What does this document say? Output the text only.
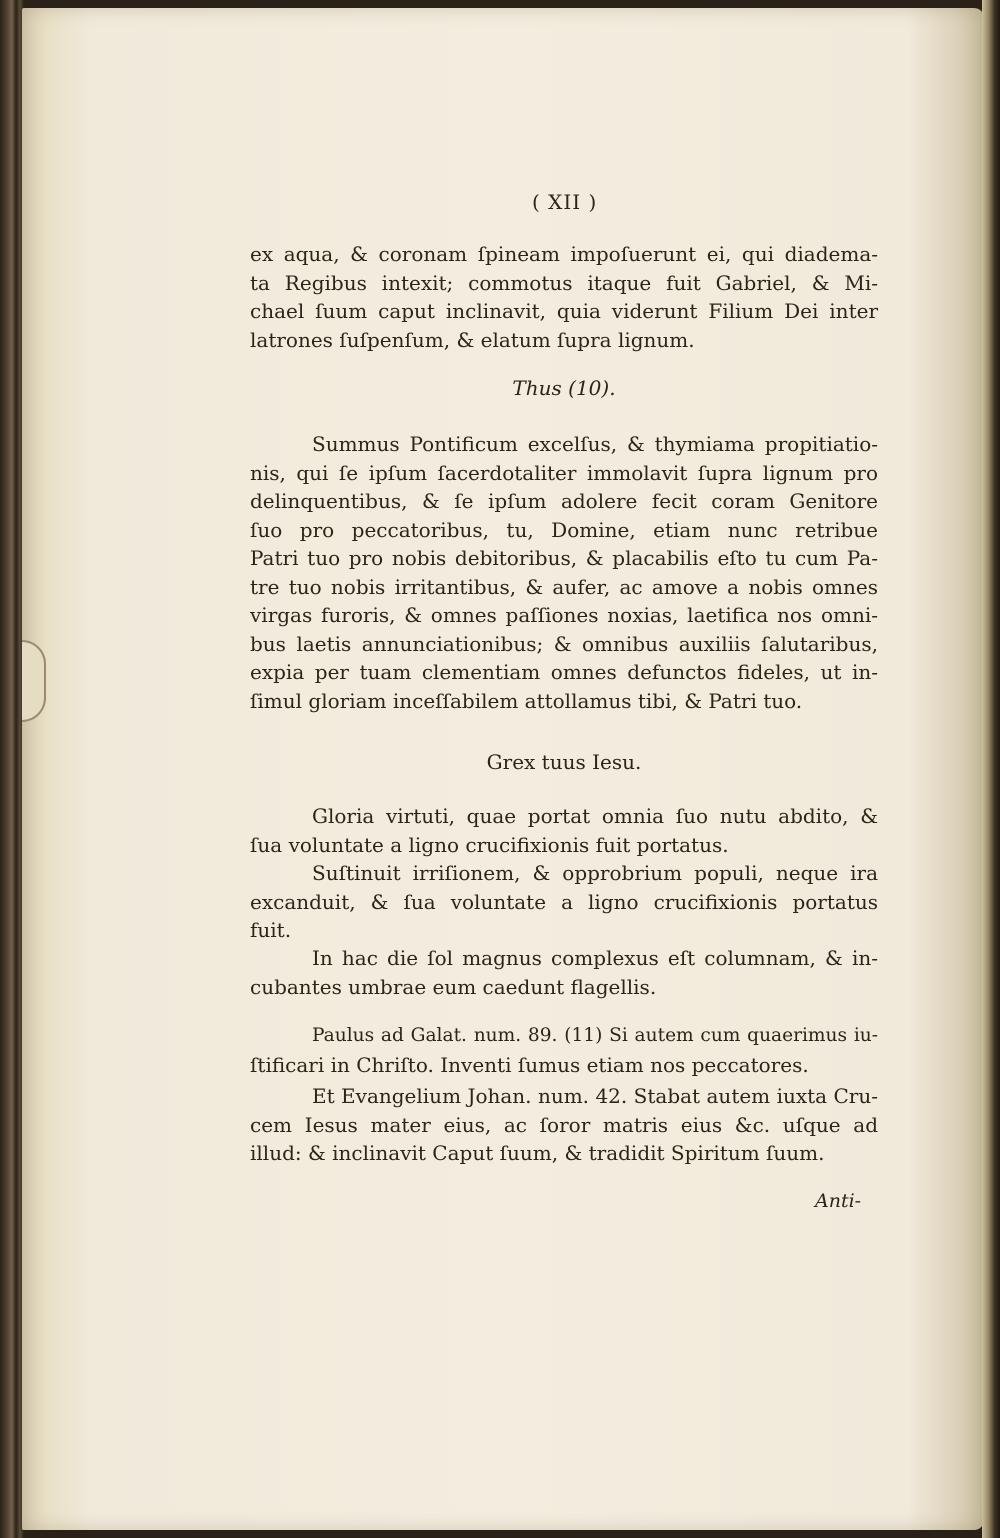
( XII )
ex aqua, & coronam ſpineam impoſuerunt ei, qui diadema-
ta Regibus intexit; commotus itaque fuit Gabriel, & Mi-
chael ſuum caput inclinavit, quia viderunt Filium Dei inter
latrones ſuſpenſum, & elatum ſupra lignum.
Thus (10).
Summus Pontificum excelſus, & thymiama propitiatio-
nis, qui ſe ipſum ſacerdotaliter immolavit ſupra lignum pro
delinquentibus, & ſe ipſum adolere fecit coram Genitore
ſuo pro peccatoribus, tu, Domine, etiam nunc retribue
Patri tuo pro nobis debitoribus, & placabilis eſto tu cum Pa-
tre tuo nobis irritantibus, & aufer, ac amove a nobis omnes
virgas furoris, & omnes paſſiones noxias, laetifica nos omni-
bus laetis annunciationibus; & omnibus auxiliis ſalutaribus,
expia per tuam clementiam omnes defunctos fideles, ut in-
ſimul gloriam inceſſabilem attollamus tibi, & Patri tuo.
Grex tuus Iesu.
Gloria virtuti, quae portat omnia ſuo nutu abdito, &
ſua voluntate a ligno crucifixionis fuit portatus.
Suſtinuit irriſionem, & opprobrium populi, neque ira
excanduit, & ſua voluntate a ligno crucifixionis portatus
fuit.
In hac die ſol magnus complexus eſt columnam, & in-
cubantes umbrae eum caedunt flagellis.
Paulus ad Galat. num. 89. (11) Si autem cum quaerimus iu-
ſtificari in Chriſto. Inventi ſumus etiam nos peccatores.
Et Evangelium Johan. num. 42. Stabat autem iuxta Cru-
cem Iesus mater eius, ac ſoror matris eius &c. uſque ad
illud: & inclinavit Caput ſuum, & tradidit Spiritum ſuum.
Anti-
